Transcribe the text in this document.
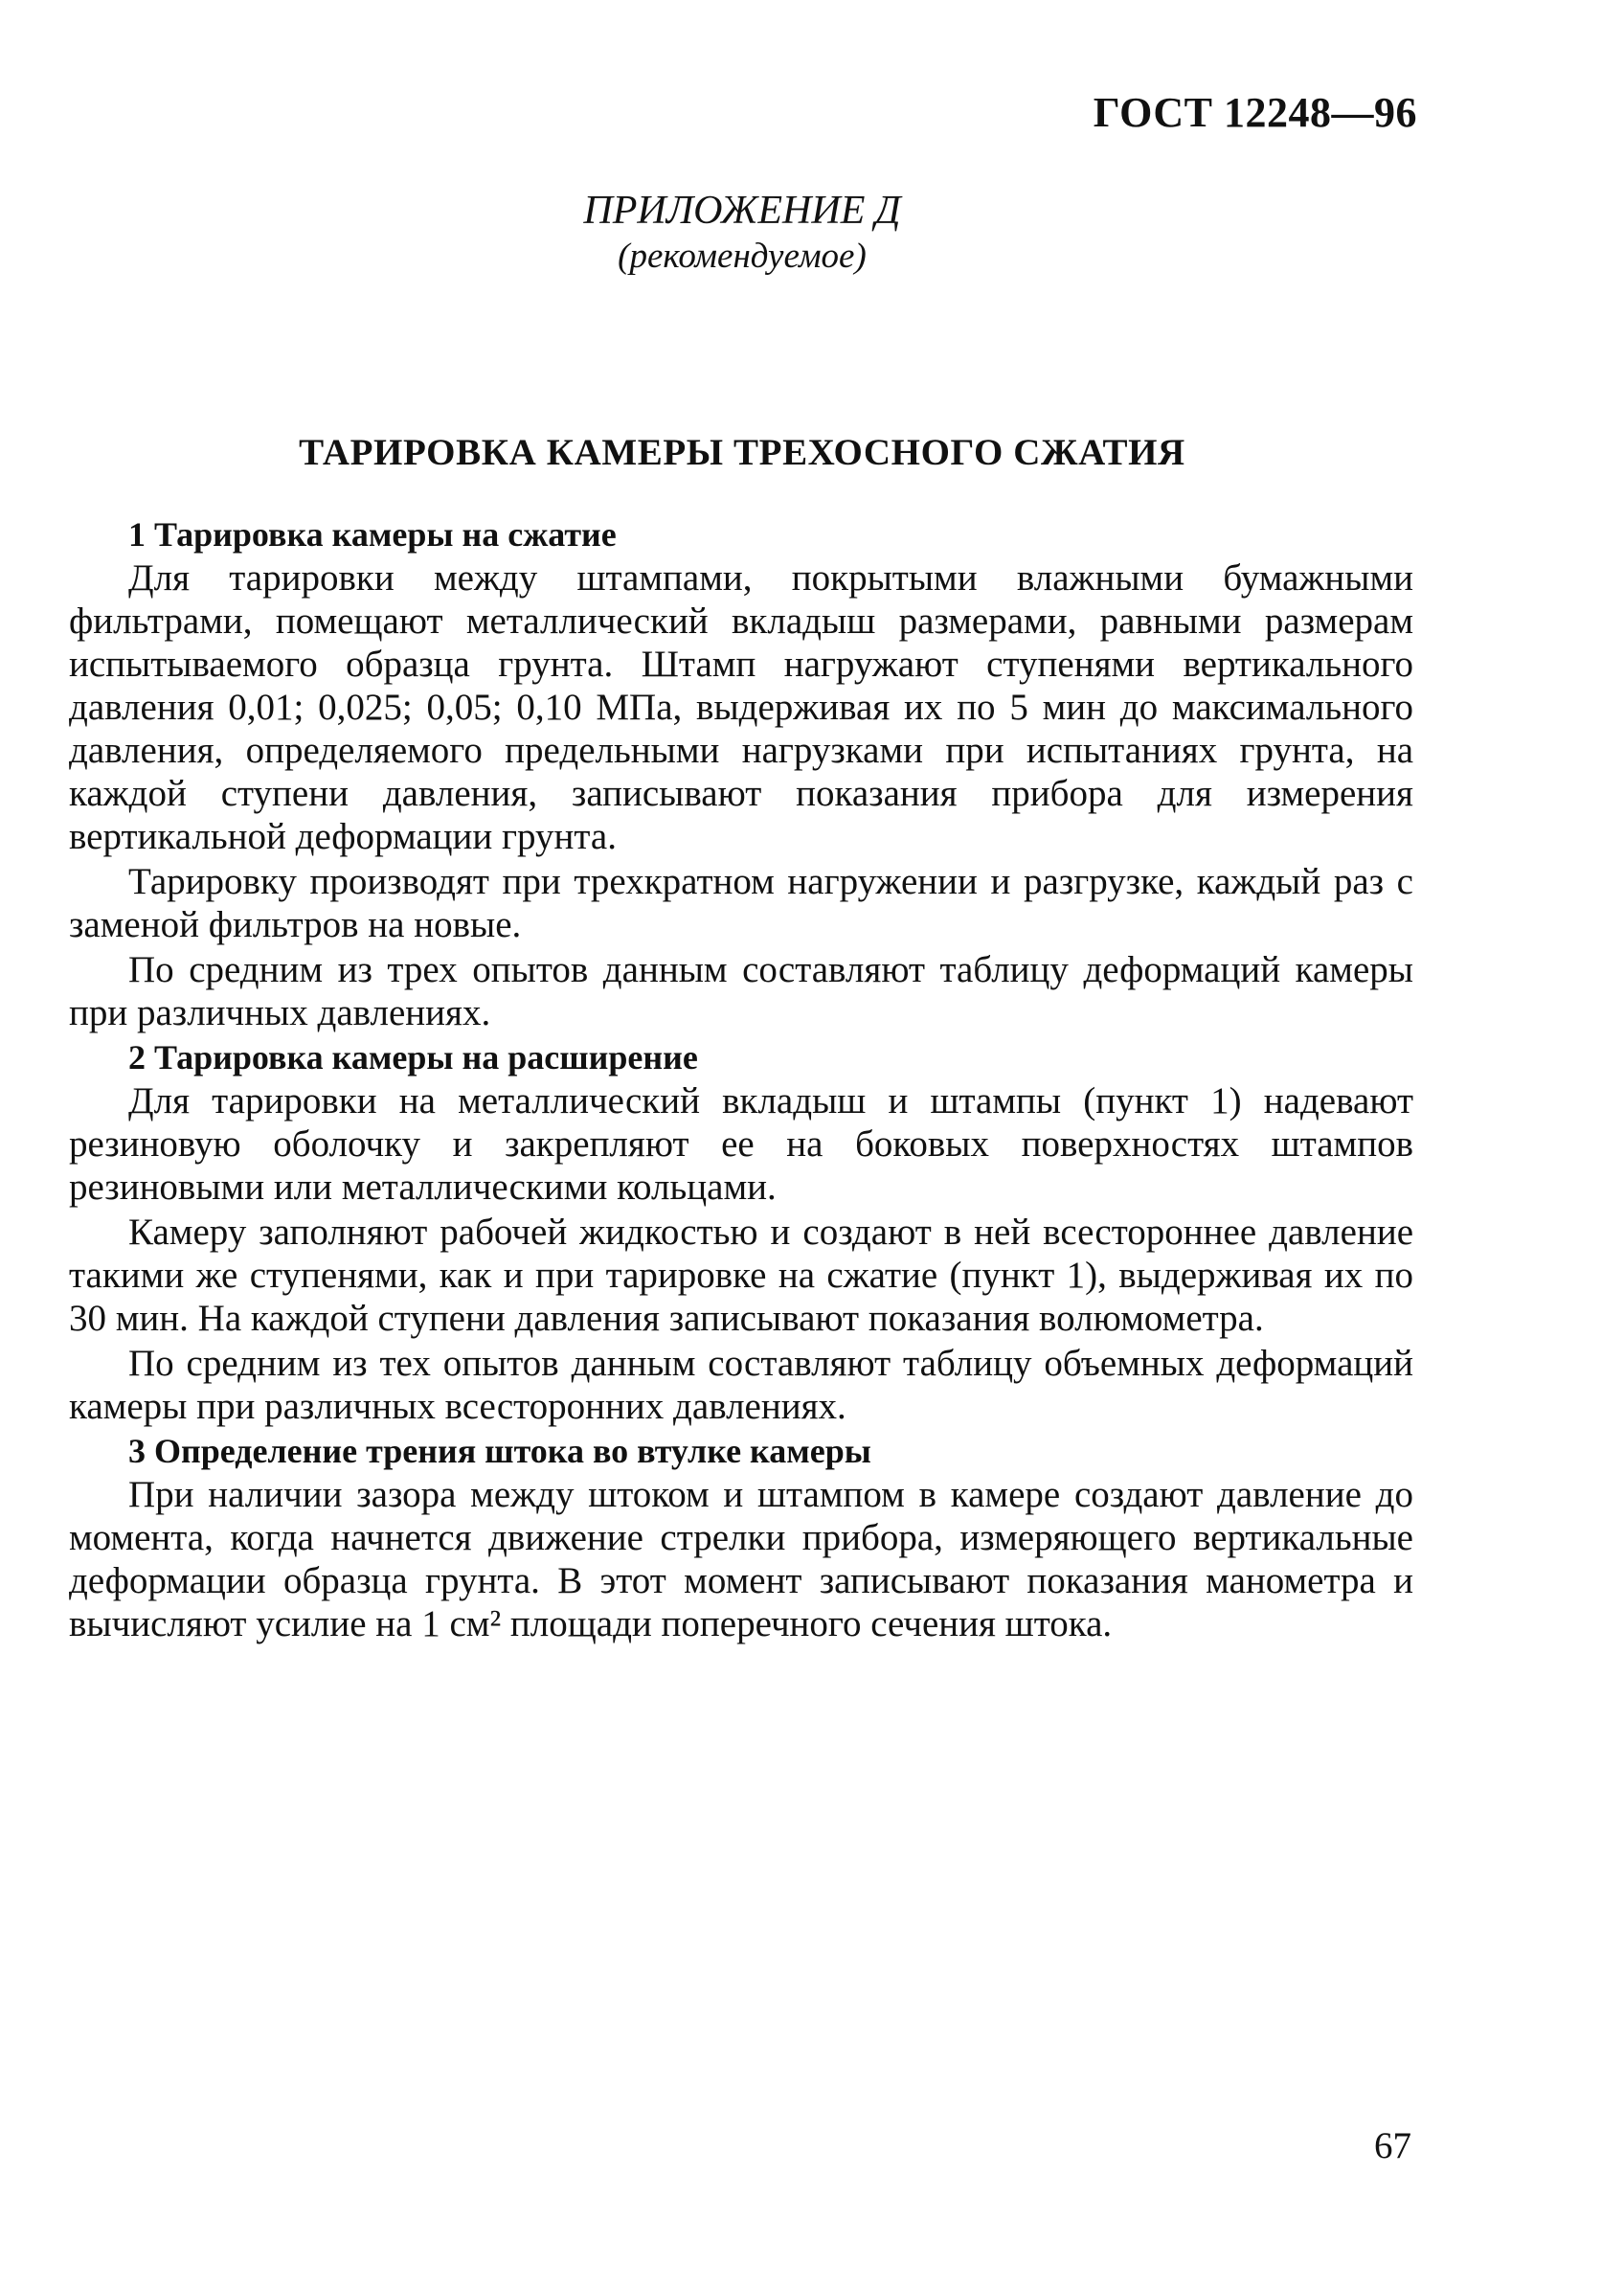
ГОСТ 12248—96
ПРИЛОЖЕНИЕ Д
(рекомендуемое)
ТАРИРОВКА КАМЕРЫ ТРЕХОСНОГО СЖАТИЯ
1 Тарировка камеры на сжатие

Для тарировки между штампами, покрытыми влажными бумажными фильтрами, помещают металлический вкладыш размерами, равными размерам испытываемого образца грунта. Штамп нагружают ступенями вертикального давления 0,01; 0,025; 0,05; 0,10 МПа, выдерживая их по 5 мин до максимального давления, определяемого предельными нагрузками при испытаниях грунта, на каждой ступени давления, записывают показания прибора для измерения вертикальной деформации грунта.

Тарировку производят при трехкратном нагружении и разгрузке, каждый раз с заменой фильтров на новые.

По средним из трех опытов данным составляют таблицу деформаций камеры при различных давлениях.

2 Тарировка камеры на расширение

Для тарировки на металлический вкладыш и штампы (пункт 1) надевают резиновую оболочку и закрепляют ее на боковых поверхностях штампов резиновыми или металлическими кольцами.

Камеру заполняют рабочей жидкостью и создают в ней всестороннее давление такими же ступенями, как и при тарировке на сжатие (пункт 1), выдерживая их по 30 мин. На каждой ступени давления записывают показания волюмометра.

По средним из тех опытов данным составляют таблицу объемных деформаций камеры при различных всесторонних давлениях.

3 Определение трения штока во втулке камеры

При наличии зазора между штоком и штампом в камере создают давление до момента, когда начнется движение стрелки прибора, измеряющего вертикальные деформации образца грунта. В этот момент записывают показания манометра и вычисляют усилие на 1 см² площади поперечного сечения штока.

67
